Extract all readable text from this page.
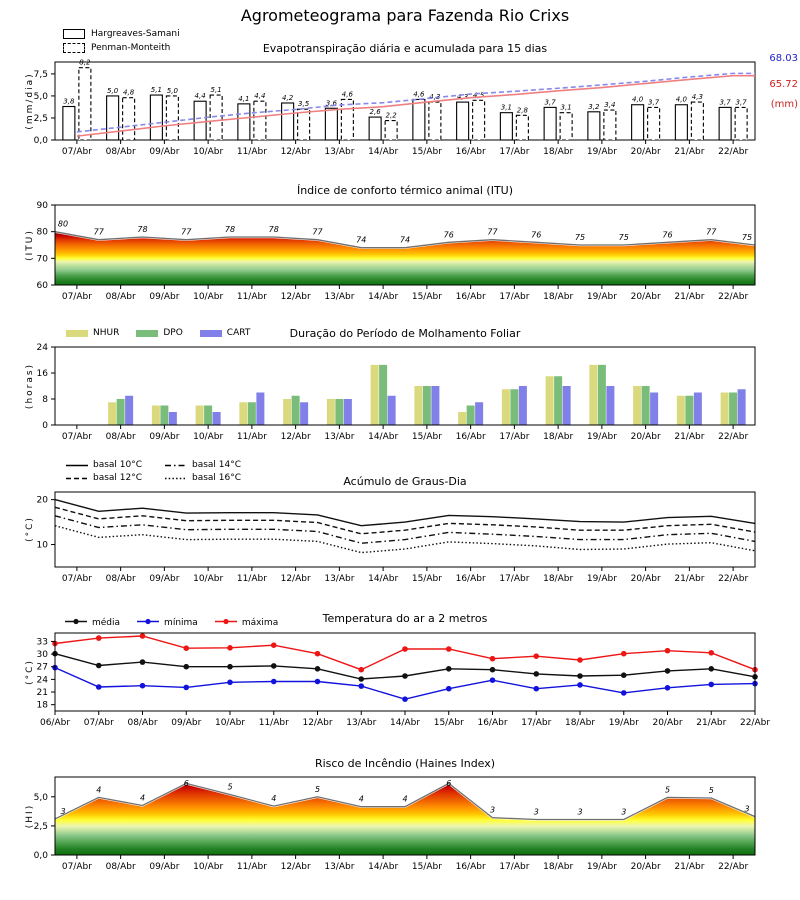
Agrometeograma para Fazenda Rio Crixs
Evapotranspiração diária e acumulada para 15 dias
Índice de conforto térmico animal (ITU)
Duração do Período de Molhamento Foliar
Acúmulo de Graus-Dia
Temperatura do ar a 2 metros
Risco de Incêndio (Haines Index)
(mm/dia)
(ITU)
(horas)
(°C)
(°C)
(HI)
Hargreaves-Samani
Penman-Monteith
68.03
65.72
(mm)
NHUR	DPO	CART
basal 10°C
basal 12°C
basal 14°C
basal 16°C
média	mínima	máxima
0,0
2,5
5,0
7,5
07/Abr 08/Abr 09/Abr 10/Abr 11/Abr 12/Abr 13/Abr 14/Abr 15/Abr 16/Abr 17/Abr 18/Abr 19/Abr 20/Abr 21/Abr 22/Abr
3,8
8,2
5,0 4,8 5,1 5,0
4,4
5,1
4,1 4,4 4,2
3,5 3,6
4,6
2,6 2,2
4,6 4,3 4,3 4,5
3,1 2,8
3,7
3,1 3,2 3,4
4,0 3,7 4,0 4,3
3,7 3,7
60
70
80
90
07/Abr 08/Abr 09/Abr 10/Abr 11/Abr 12/Abr 13/Abr 14/Abr 15/Abr 16/Abr 17/Abr 18/Abr 19/Abr 20/Abr 21/Abr 22/Abr
80
77	78	77	78	78	77
74	74
76	77	76	75	75	76	77
75
0,0
2,5
5,0
07/Abr 08/Abr 09/Abr 10/Abr 11/Abr 12/Abr 13/Abr 14/Abr 15/Abr 16/Abr 17/Abr 18/Abr 19/Abr 20/Abr 21/Abr 22/Abr
3
4
4
6	5
4
5
4	4
6
3	3	3	3
5	5
3
0
8
16
24
07/Abr 08/Abr 09/Abr 10/Abr 11/Abr 12/Abr 13/Abr 14/Abr 15/Abr 16/Abr 17/Abr 18/Abr 19/Abr 20/Abr 21/Abr 22/Abr
10
20
07/Abr 08/Abr 09/Abr 10/Abr 11/Abr 12/Abr 13/Abr 14/Abr 15/Abr 16/Abr 17/Abr 18/Abr 19/Abr 20/Abr 21/Abr 22/Abr
18
21
24
27
30
33
06/Abr 07/Abr 08/Abr 09/Abr 10/Abr 11/Abr 12/Abr 13/Abr 14/Abr 15/Abr 16/Abr 17/Abr 18/Abr 19/Abr 20/Abr 21/Abr 22/Abr
